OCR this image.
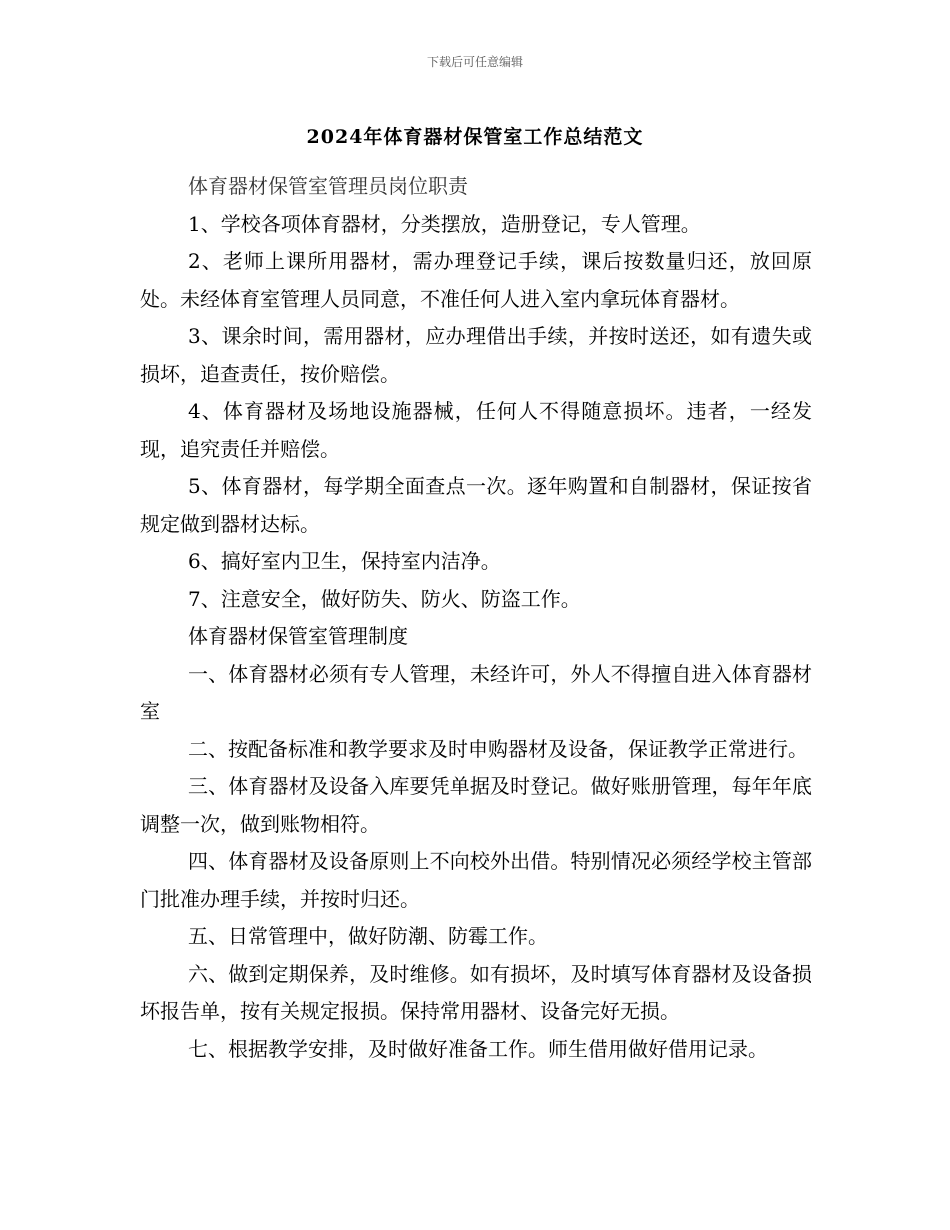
下载后可任意编辑
2024年体育器材保管室工作总结范文

体育器材保管室管理员岗位职责

1、学校各项体育器材，分类摆放，造册登记，专人管理。

2、老师上课所用器材，需办理登记手续，课后按数量归还，放回原处。未经体育室管理人员同意，不准任何人进入室内拿玩体育器材。

3、课余时间，需用器材，应办理借出手续，并按时送还，如有遗失或损坏，追查责任，按价赔偿。

4、体育器材及场地设施器械，任何人不得随意损坏。违者，一经发现，追究责任并赔偿。

5、体育器材，每学期全面查点一次。逐年购置和自制器材，保证按省规定做到器材达标。

6、搞好室内卫生，保持室内洁净。

7、注意安全，做好防失、防火、防盗工作。

体育器材保管室管理制度

一、体育器材必须有专人管理，未经许可，外人不得擅自进入体育器材室

二、按配备标准和教学要求及时申购器材及设备，保证教学正常进行。

三、体育器材及设备入库要凭单据及时登记。做好账册管理，每年年底调整一次，做到账物相符。

四、体育器材及设备原则上不向校外出借。特别情况必须经学校主管部门批准办理手续，并按时归还。

五、日常管理中，做好防潮、防霉工作。

六、做到定期保养，及时维修。如有损坏，及时填写体育器材及设备损坏报告单，按有关规定报损。保持常用器材、设备完好无损。

七、根据教学安排，及时做好准备工作。师生借用做好借用记录。
